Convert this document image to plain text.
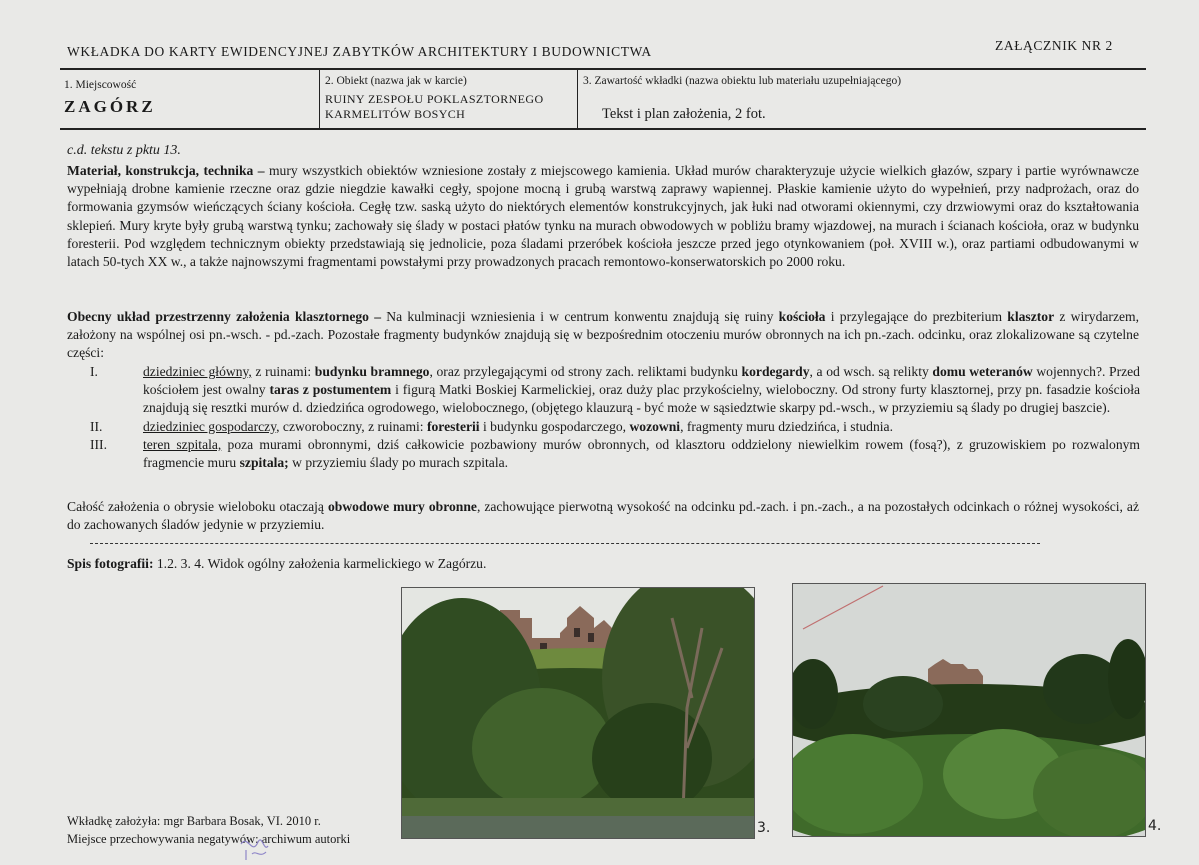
WKŁADKA DO KARTY EWIDENCYJNEJ ZABYTKÓW ARCHITEKTURY I BUDOWNICTWA	ZAŁĄCZNIK NR 2
1. Miejscowość
ZAGÓRZ
2. Obiekt (nazwa jak w karcie)
RUINY ZESPOŁU POKLASZTORNEGO
KARMELITÓW BOSYCH
3. Zawartość wkładki (nazwa obiektu lub materiału uzupełniającego)
Tekst i plan założenia, 2 fot.
c.d. tekstu z pktu 13.

Materiał, konstrukcja, technika – mury wszystkich obiektów wzniesione zostały z miejscowego kamienia. Układ murów charakteryzuje użycie wielkich głazów, szpary i partie wyrównawcze wypełniają drobne kamienie rzeczne oraz gdzie niegdzie kawałki cegły, spojone mocną i grubą warstwą zaprawy wapiennej. Płaskie kamienie użyto do wypełnień, przy nadprożach, oraz do formowania gzymsów wieńczących ściany kościoła. Cegłę tzw. saską użyto do niektórych elementów konstrukcyjnych, jak łuki nad otworami okiennymi, czy drzwiowymi oraz do kształtowania sklepień. Mury kryte były grubą warstwą tynku; zachowały się ślady w postaci płatów tynku na murach obwodowych w pobliżu bramy wjazdowej, na murach i ścianach kościoła, oraz w budynku foresterii. Pod względem technicznym obiekty przedstawiają się jednolicie, poza śladami przeróbek kościoła jeszcze przed jego otynkowaniem (poł. XVIII w.), oraz partiami odbudowanymi w latach 50-tych XX w., a także najnowszymi fragmentami powstałymi przy prowadzonych pracach remontowo-konserwatorskich po 2000 roku.

Obecny układ przestrzenny założenia klasztornego – Na kulminacji wzniesienia i w centrum konwentu znajdują się ruiny kościoła i przylegające do prezbiterium klasztor z wirydarzem, założony na wspólnej osi pn.-wsch. - pd.-zach. Pozostałe fragmenty budynków znajdują się w bezpośrednim otoczeniu murów obronnych na ich pn.-zach. odcinku, oraz zlokalizowane są czytelne części:

I.	dziedziniec główny, z ruinami: budynku bramnego, oraz przylegającymi od strony zach. reliktami budynku kordegardy, a od wsch. są relikty domu weteranów wojennych?. Przed kościołem jest owalny taras z postumentem i figurą Matki Boskiej Karmelickiej, oraz duży plac przykościelny, wieloboczny. Od strony furty klasztornej, przy pn. fasadzie kościoła znajdują się resztki murów d. dziedzińca ogrodowego, wielobocznego, (objętego klauzurą - być może w sąsiedztwie skarpy pd.-wsch., w przyziemiu są ślady po drugiej baszcie).
II.	dziedziniec gospodarczy, czworoboczny, z ruinami: foresterii i budynku gospodarczego, wozowni, fragmenty muru dziedzińca, i studnia.
III.	teren szpitala, poza murami obronnymi, dziś całkowicie pozbawiony murów obronnych, od klasztoru oddzielony niewielkim rowem (fosą?), z gruzowiskiem po rozwalonym fragmencie muru szpitala; w przyziemiu ślady po murach szpitala.

Całość założenia o obrysie wieloboku otaczają obwodowe mury obronne, zachowujące pierwotną wysokość na odcinku pd.-zach. i pn.-zach., a na pozostałych odcinkach o różnej wysokości, aż do zachowanych śladów jedynie w przyziemiu.

Spis fotografii: 1.2. 3. 4. Widok ogólny założenia karmelickiego w Zagórzu.
3.	4.
Wkładkę założyła: mgr Barbara Bosak, VI. 2010 r.
Miejsce przechowywania negatywów: archiwum autorki
